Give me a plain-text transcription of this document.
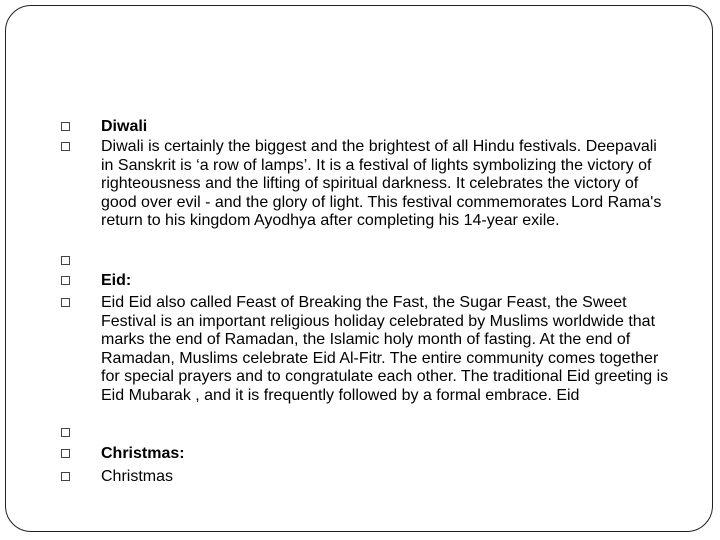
Diwali
Diwali is certainly the biggest and the brightest of all Hindu festivals. Deepavali in Sanskrit is ‘a row of lamps’. It is a festival of lights symbolizing the victory of righteousness and the lifting of spiritual darkness. It celebrates the victory of good over evil - and the glory of light. This festival commemorates Lord Rama's return to his kingdom Ayodhya after completing his 14-year exile.
Eid:
Eid Eid also called Feast of Breaking the Fast, the Sugar Feast, the Sweet Festival is an important religious holiday celebrated by Muslims worldwide that marks the end of Ramadan, the Islamic holy month of fasting. At the end of Ramadan, Muslims celebrate Eid Al-Fitr. The entire community comes together for special prayers and to congratulate each other. The traditional Eid greeting is Eid Mubarak , and it is frequently followed by a formal embrace. Eid
Christmas:
Christmas
